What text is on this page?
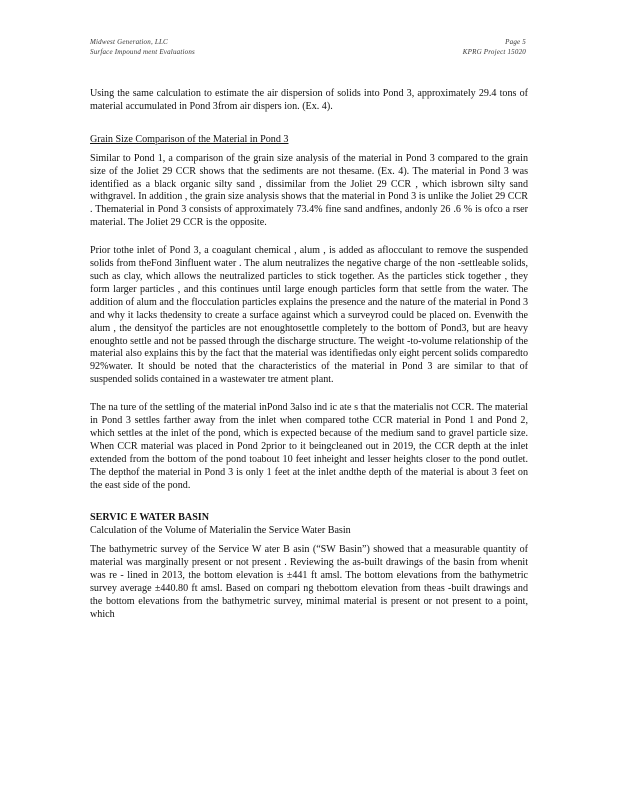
Midwest Generation, LLC
Surface Impound ment Evaluations
Page 5
KPRG Project 15020

Using the same calculation to estimate the air dispersion of solids into Pond 3, approximately 29.4 tons of material accumulated in Pond 3from air dispers ion. (Ex. 4).

Grain Size Comparison of the Material in Pond 3

Similar to Pond 1, a comparison of the grain size analysis of the material in Pond 3 compared to the grain size of the Joliet 29 CCR shows that the sediments are not thesame. (Ex. 4). The material in Pond 3 was identified as a black organic silty sand , dissimilar from the Joliet 29 CCR , which isbrown silty sand withgravel. In addition , the grain size analysis shows that the material in Pond 3 is unlike the Joliet 29 CCR . Thematerial in Pond 3 consists of approximately 73.4% fine sand andfines, andonly 26 .6 % is ofco a rser material. The Joliet 29 CCR is the opposite.

Prior tothe inlet of Pond 3, a coagulant chemical , alum , is added as aflocculant to remove the suspended solids from theFond 3influent water . The alum neutralizes the negative charge of the non -settleable solids, such as clay, which allows the neutralized particles to stick together. As the particles stick together , they form larger particles , and this continues until large enough particles form that settle from the water. The addition of alum and the flocculation particles explains the presence and the nature of the material in Pond 3 and why it lacks thedensity to create a surface against which a surveyrod could be placed on. Evenwith the alum , the densityof the particles are not enoughtosettle completely to the bottom of Pond3, but are heavy enoughto settle and not be passed through the discharge structure. The weight -to-volume relationship of the material also explains this by the fact that the material was identifiedas only eight percent solids comparedto 92%water. It should be noted that the characteristics of the material in Pond 3 are similar to that of suspended solids contained in a wastewater tre atment plant.

The na ture of the settling of the material inPond 3also ind ic ate s that the materialis not CCR. The material in Pond 3 settles farther away from the inlet when compared tothe CCR material in Pond 1 and Pond 2, which settles at the inlet of the pond, which is expected because of the medium sand to gravel particle size. When CCR material was placed in Pond 2prior to it beingcleaned out in 2019, the CCR depth at the inlet extended from the bottom of the pond toabout 10 feet inheight and lesser heights closer to the pond outlet. The depthof the material in Pond 3 is only 1 feet at the inlet andthe depth of the material is about 3 feet on the east side of the pond.

SERVIC E WATER BASIN

Calculation of the Volume of Materialin the Service Water Basin

The bathymetric survey of the Service W ater B asin (“SW Basin”) showed that a measurable quantity of material was marginally present or not present . Reviewing the as-built drawings of the basin from whenit was re - lined in 2013, the bottom elevation is ±441 ft amsl. The bottom elevations from the bathymetric survey average ±440.80 ft amsl. Based on compari ng thebottom elevation from theas -built drawings and the bottom elevations from the bathymetric survey, minimal material is present or not present to a point, which
